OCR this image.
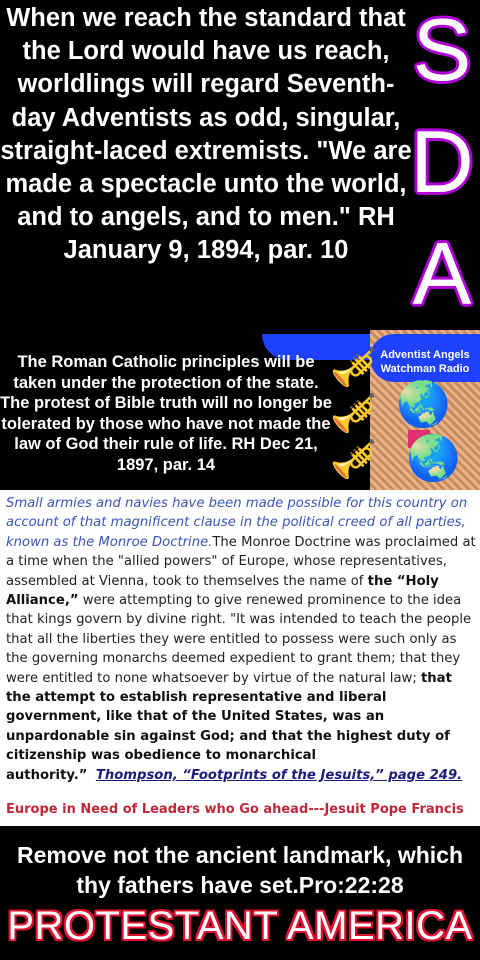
When we reach the standard that the Lord would have us reach, worldlings will regard Seventh-day Adventists as odd, singular, straight-laced extremists. "We are made a spectacle unto the world, and to angels, and to men." RH January 9, 1894, par. 10
S
D
A
The Roman Catholic principles will be taken under the protection of the state. The protest of Bible truth will no longer be tolerated by those who have not made the law of God their rule of life. RH Dec 21, 1897, par. 14
Adventist Angels Watchman Radio
🎺
🎺
🎺
🌏
🌏
Small armies and navies have been made possible for this country on account of that magnificent clause in the political creed of all parties, known as the Monroe Doctrine.The Monroe Doctrine was proclaimed at a time when the "allied powers" of Europe, whose representatives, assembled at Vienna, took to themselves the name of the “Holy Alliance,” were attempting to give renewed prominence to the idea that kings govern by divine right. "It was intended to teach the people that all the liberties they were entitled to possess were such only as the governing monarchs deemed expedient to grant them; that they were entitled to none whatsoever by virtue of the natural law; that the attempt to establish representative and liberal government, like that of the United States, was an unpardonable sin against God; and that the highest duty of citizenship was obedience to monarchical authority.” Thompson, “Footprints of the Jesuits,” page 249.
Europe in Need of Leaders who Go ahead---Jesuit Pope Francis
Remove not the ancient landmark, which thy fathers have set.Pro:22:28
PROTESTANT AMERICA
